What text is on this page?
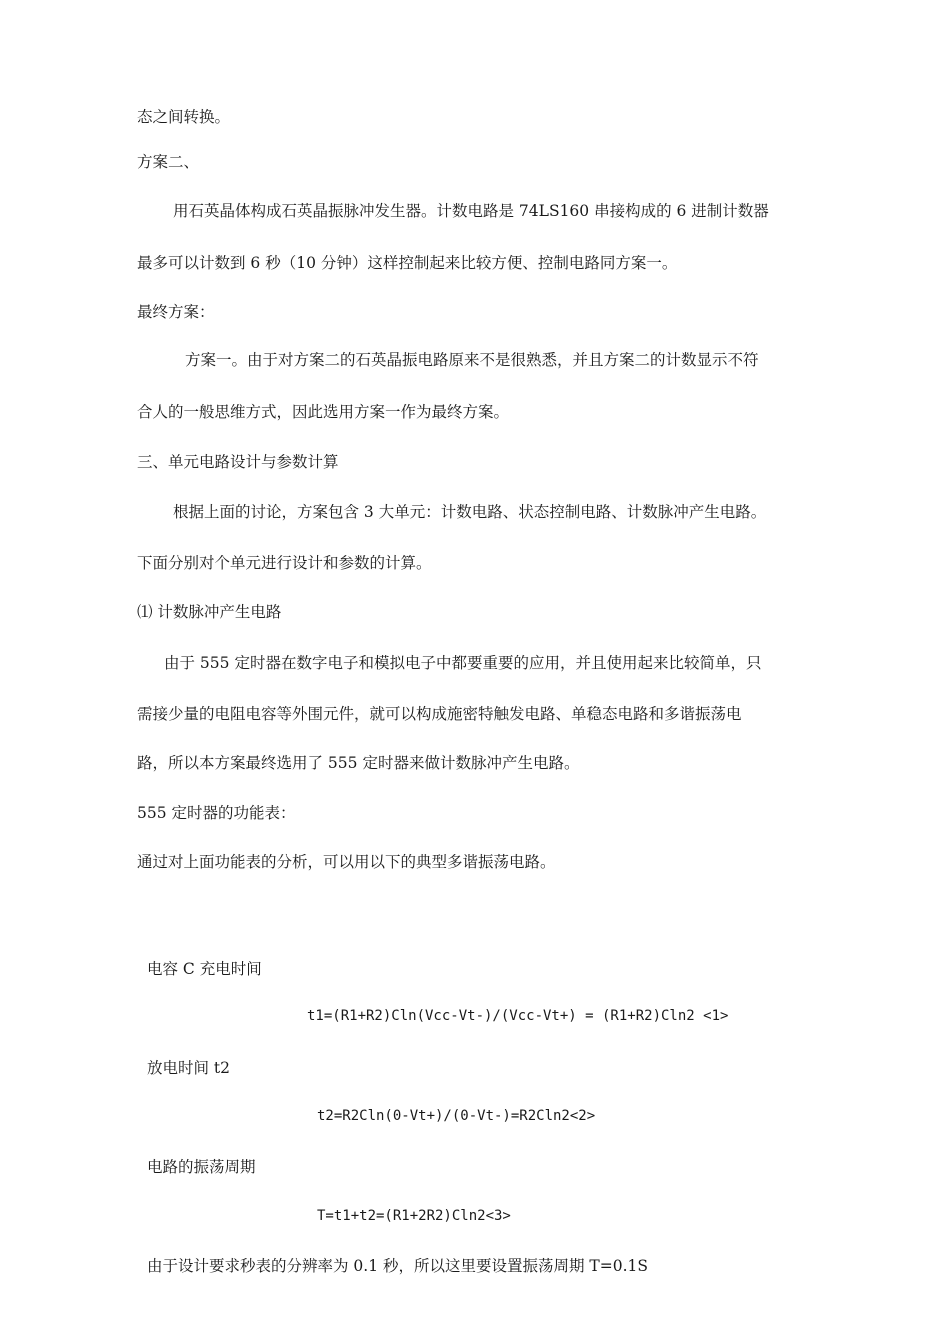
态之间转换。
方案二、
用石英晶体构成石英晶振脉冲发生器。计数电路是 74LS160 串接构成的 6 进制计数器
最多可以计数到 6 秒（10 分钟）这样控制起来比较方便、控制电路同方案一。
最终方案：
方案一。由于对方案二的石英晶振电路原来不是很熟悉，并且方案二的计数显示不符
合人的一般思维方式，因此选用方案一作为最终方案。
三、单元电路设计与参数计算
根据上面的讨论，方案包含 3 大单元：计数电路、状态控制电路、计数脉冲产生电路。
下面分别对个单元进行设计和参数的计算。
⑴ 计数脉冲产生电路
由于 555 定时器在数字电子和模拟电子中都要重要的应用，并且使用起来比较简单，只
需接少量的电阻电容等外围元件，就可以构成施密特触发电路、单稳态电路和多谐振荡电
路，所以本方案最终选用了 555 定时器来做计数脉冲产生电路。
555 定时器的功能表：
通过对上面功能表的分析，可以用以下的典型多谐振荡电路。
电容 C 充电时间
t1=(R1+R2)Cln(Vcc-Vt-)/(Vcc-Vt+) = (R1+R2)Cln2 <1>
放电时间 t2
t2=R2Cln(0-Vt+)/(0-Vt-)=R2Cln2<2>
电路的振荡周期
T=t1+t2=(R1+2R2)Cln2<3>
由于设计要求秒表的分辨率为 0.1 秒，所以这里要设置振荡周期 T=0.1S
